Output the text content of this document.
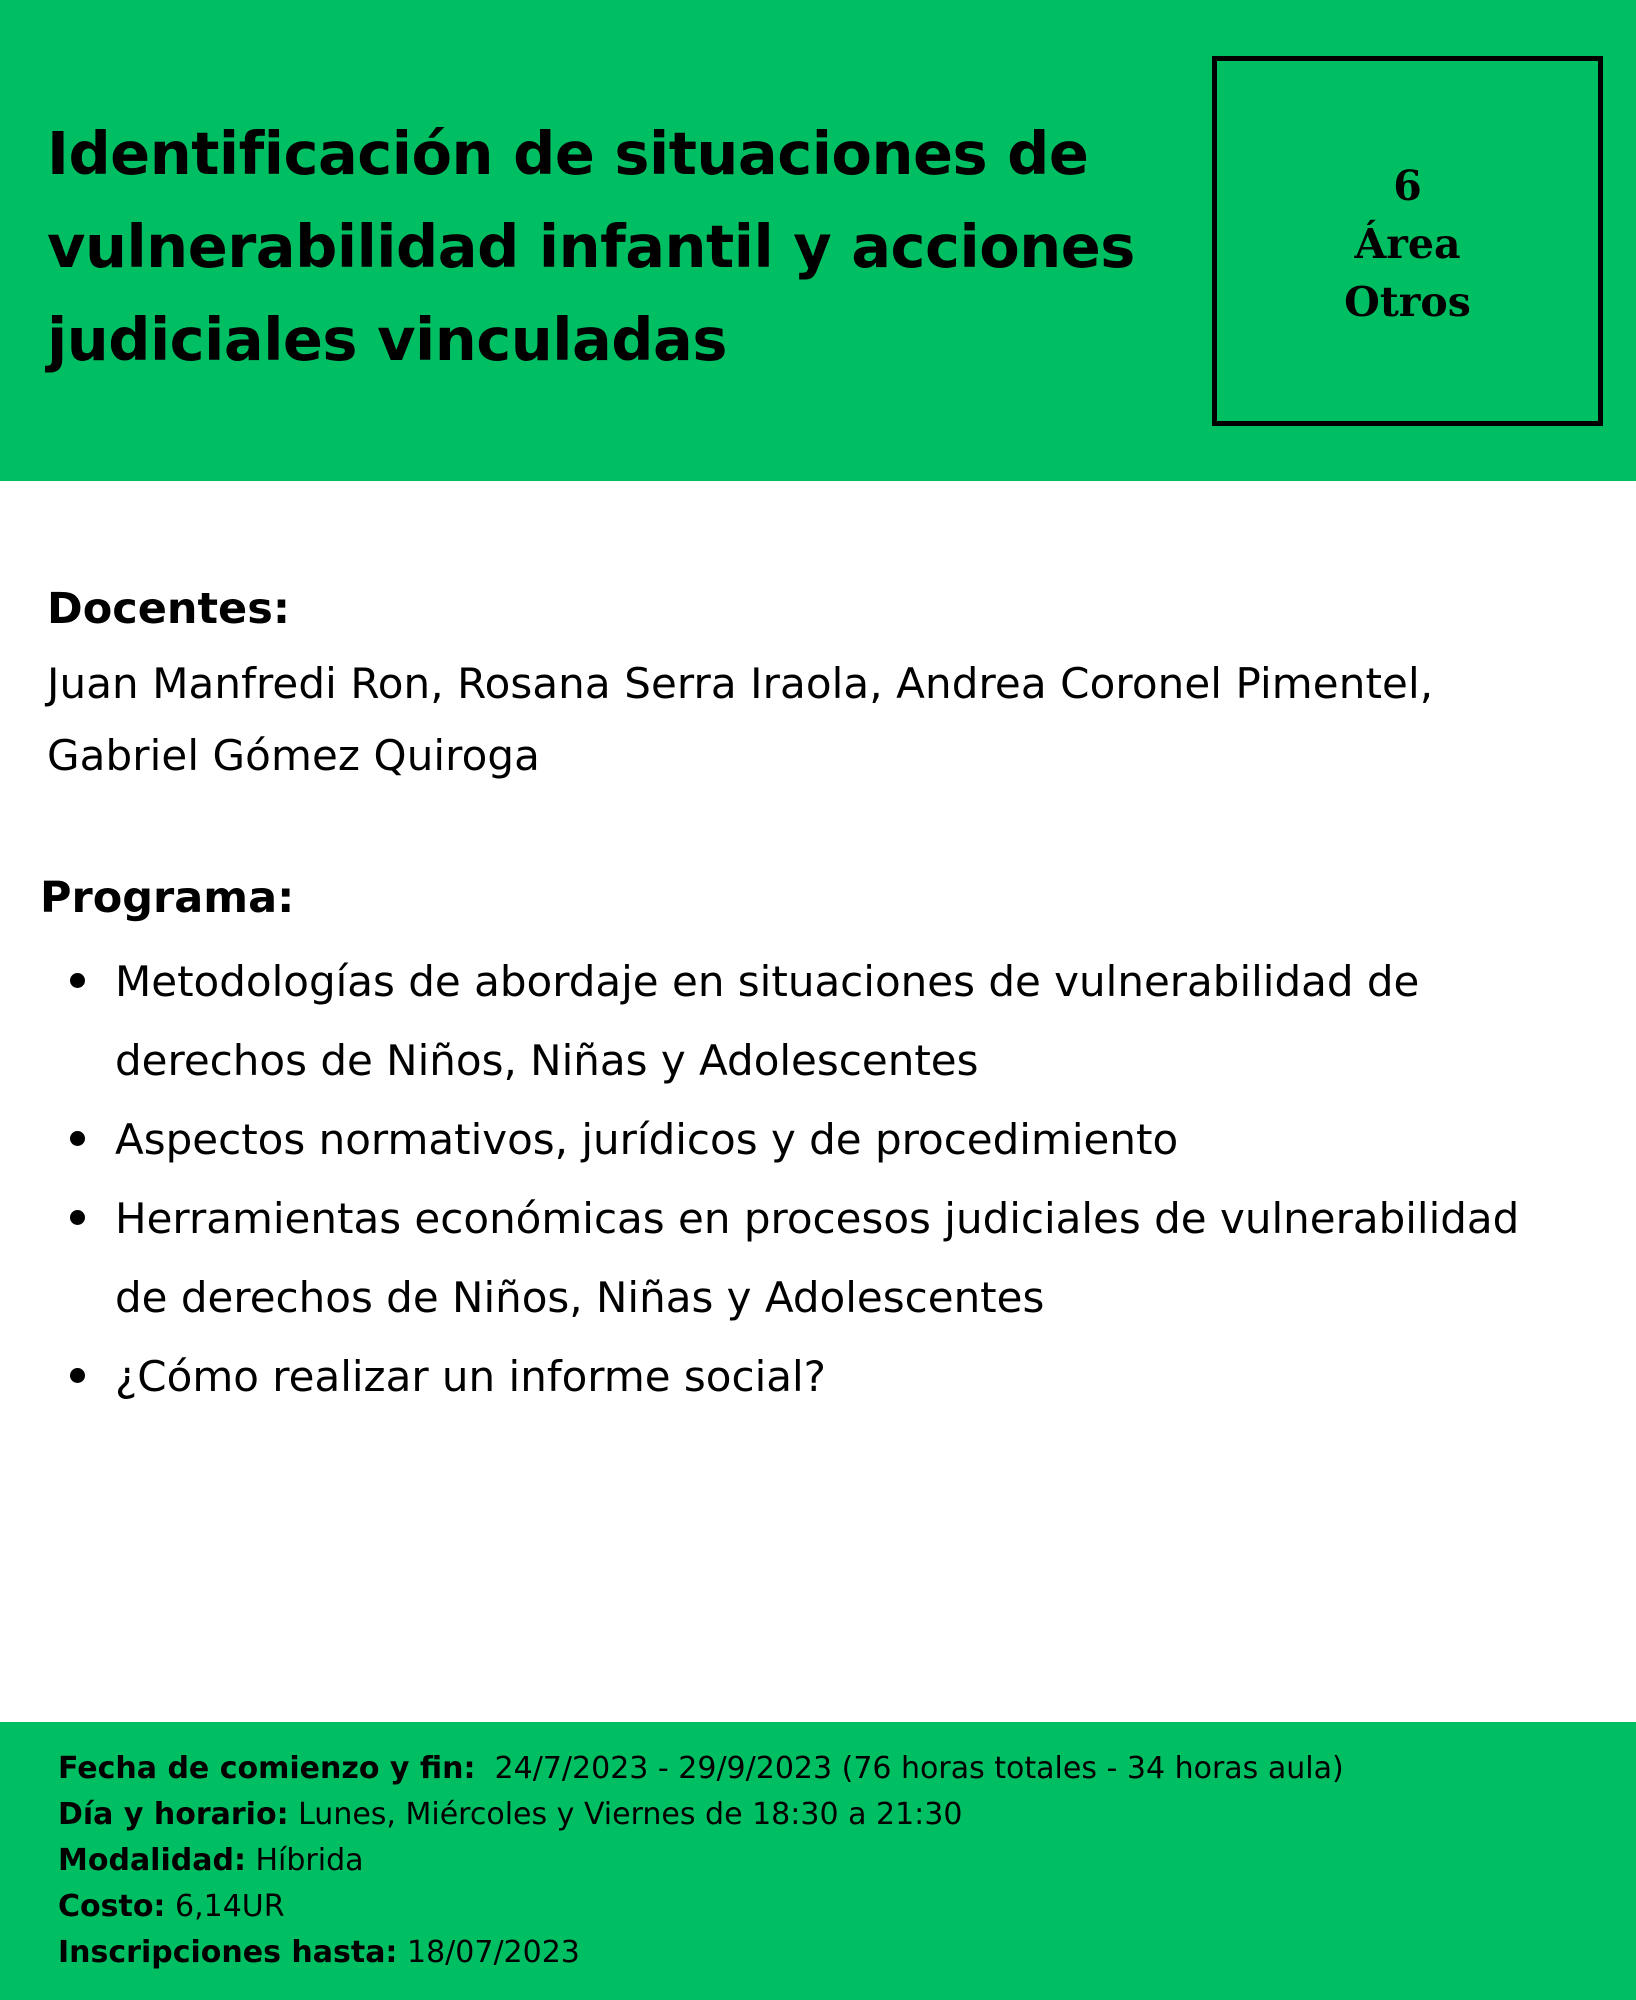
Identificación de situaciones de vulnerabilidad infantil y acciones judiciales vinculadas
6
Área
Otros
Docentes:

Juan Manfredi Ron, Rosana Serra Iraola, Andrea Coronel Pimentel, Gabriel Gómez Quiroga

Programa:
Metodologías de abordaje en situaciones de vulnerabilidad de derechos de Niños, Niñas y Adolescentes
Aspectos normativos, jurídicos y de procedimiento
Herramientas económicas en procesos judiciales de vulnerabilidad de derechos de Niños, Niñas y Adolescentes
¿Cómo realizar un informe social?
Fecha de comienzo y fin: 24/7/2023 - 29/9/2023 (76 horas totales - 34 horas aula)
Día y horario: Lunes, Miércoles y Viernes de 18:30 a 21:30
Modalidad: Híbrida
Costo: 6,14UR
Inscripciones hasta: 18/07/2023
